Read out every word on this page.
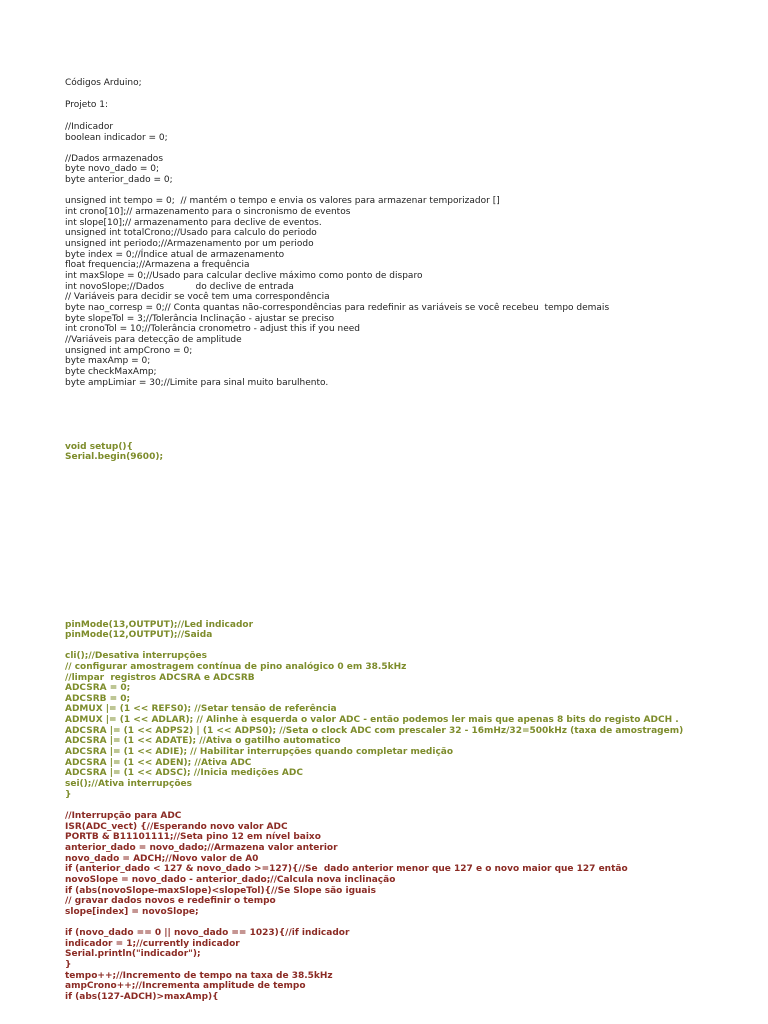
Códigos Arduino;
Projeto 1:
//Indicador
boolean indicador = 0;
//Dados armazenados
byte novo_dado = 0;
byte anterior_dado = 0;
unsigned int tempo = 0;  // mantém o tempo e envia os valores para armazenar temporizador []
int crono[10];// armazenamento para o sincronismo de eventos
int slope[10];// armazenamento para declive de eventos.
unsigned int totalCrono;//Usado para calculo do periodo
unsigned int periodo;//Armazenamento por um periodo
byte index = 0;//Índice atual de armazenamento
float frequencia;//Armazena a frequência
int maxSlope = 0;//Usado para calcular declive máximo como ponto de disparo
int novoSlope;//Dados           do declive de entrada
// Variáveis para decidir se você tem uma correspondência
byte nao_corresp = 0;// Conta quantas não-correspondências para redefinir as variáveis se você recebeu  tempo demais
byte slopeTol = 3;//Tolerância Inclinação - ajustar se preciso
int cronoTol = 10;//Tolerância cronometro - adjust this if you need
//Variáveis para detecção de amplitude
unsigned int ampCrono = 0;
byte maxAmp = 0;
byte checkMaxAmp;
byte ampLimiar = 30;//Limite para sinal muito barulhento.
void setup(){
Serial.begin(9600);
pinMode(13,OUTPUT);//Led indicador
pinMode(12,OUTPUT);//Saida
cli();//Desativa interrupções
// configurar amostragem contínua de pino analógico 0 em 38.5kHz
//limpar  registros ADCSRA e ADCSRB
ADCSRA = 0;
ADCSRB = 0;
ADMUX |= (1 << REFS0); //Setar tensão de referência
ADMUX |= (1 << ADLAR); // Alinhe à esquerda o valor ADC - então podemos ler mais que apenas 8 bits do registo ADCH .
ADCSRA |= (1 << ADPS2) | (1 << ADPS0); //Seta o clock ADC com prescaler 32 - 16mHz/32=500kHz (taxa de amostragem)
ADCSRA |= (1 << ADATE); //Ativa o gatilho automatico
ADCSRA |= (1 << ADIE); // Habilitar interrupções quando completar medição
ADCSRA |= (1 << ADEN); //Ativa ADC
ADCSRA |= (1 << ADSC); //Inicia medições ADC
sei();//Ativa interrupções
}
//Interrupção para ADC
ISR(ADC_vect) {//Esperando novo valor ADC
PORTB & B11101111;//Seta pino 12 em nível baixo
anterior_dado = novo_dado;//Armazena valor anterior
novo_dado = ADCH;//Novo valor de A0
if (anterior_dado < 127 & novo_dado >=127){//Se  dado anterior menor que 127 e o novo maior que 127 então
novoSlope = novo_dado - anterior_dado;//Calcula nova inclinação
if (abs(novoSlope-maxSlope)<slopeTol){//Se Slope são iguais
// gravar dados novos e redefinir o tempo
slope[index] = novoSlope;
if (novo_dado == 0 || novo_dado == 1023){//if indicador
indicador = 1;//currently indicador
Serial.println("indicador");
}
tempo++;//Incremento de tempo na taxa de 38.5kHz
ampCrono++;//Incrementa amplitude de tempo
if (abs(127-ADCH)>maxAmp){
